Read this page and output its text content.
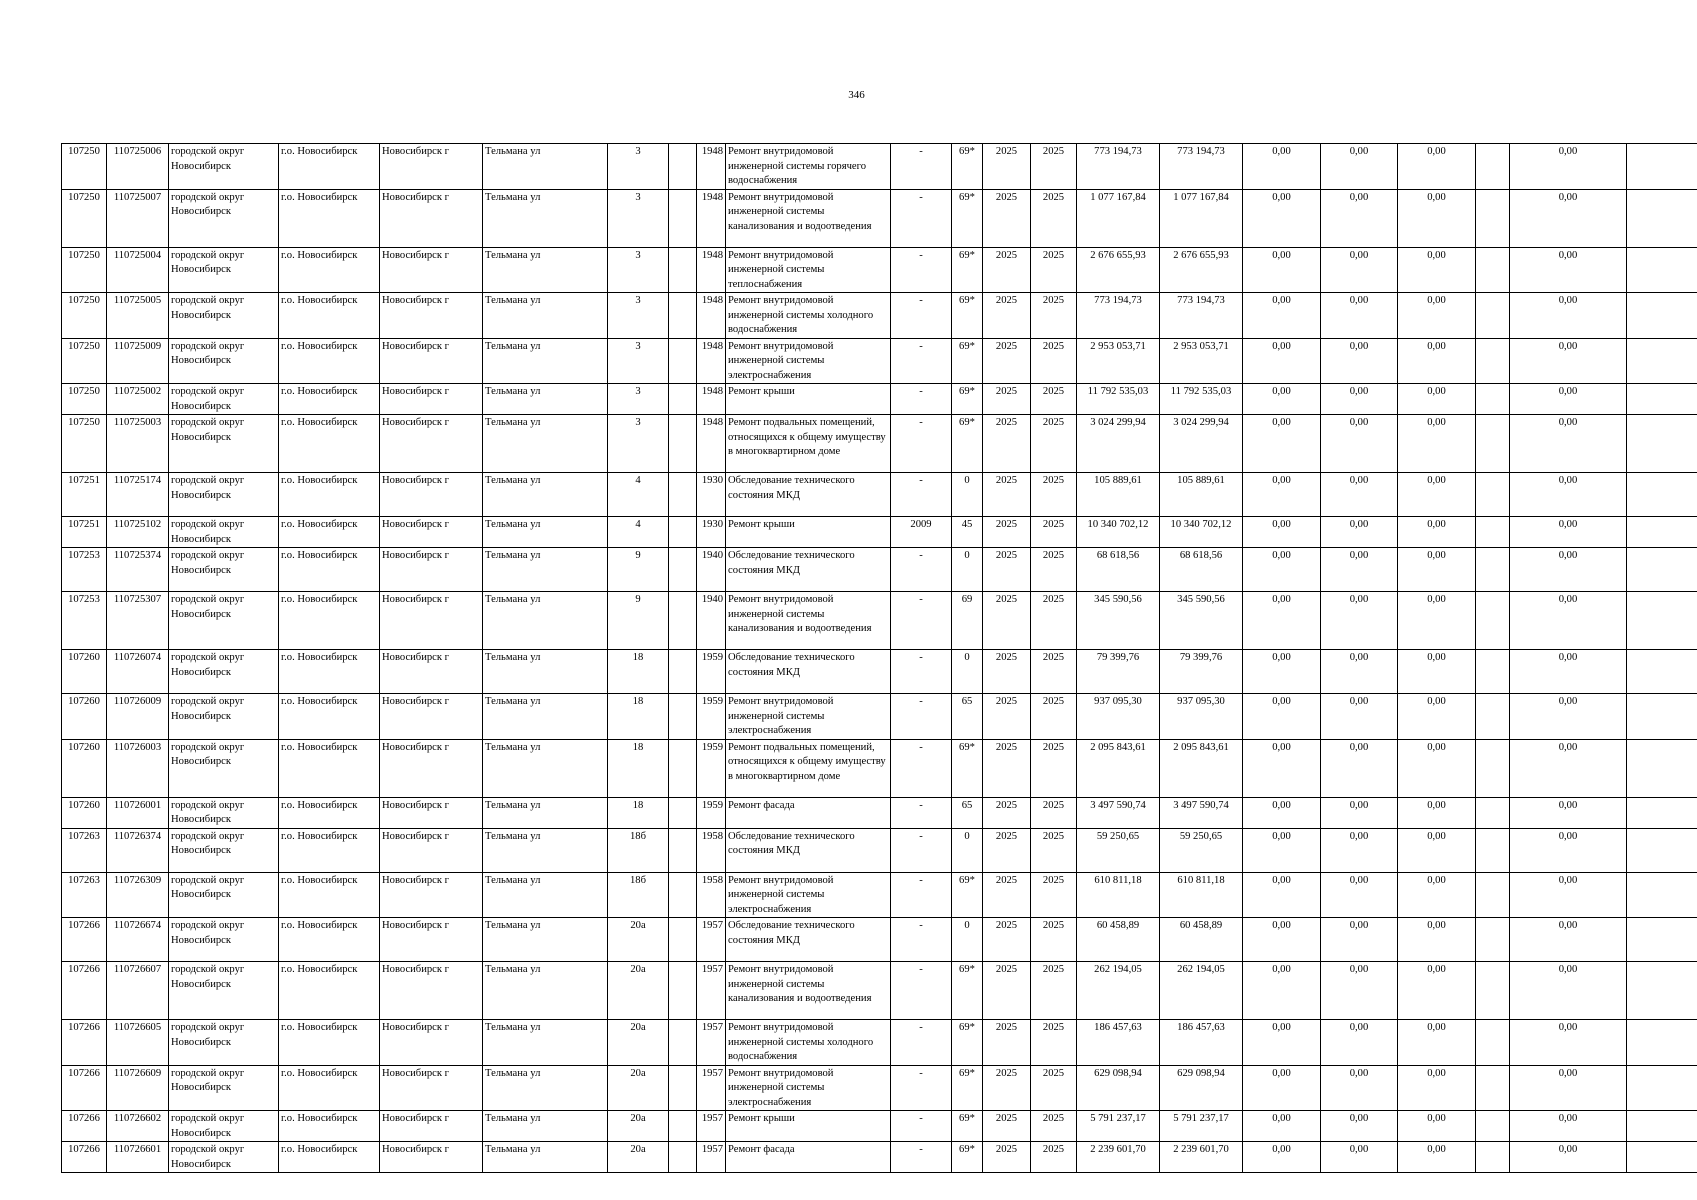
346
107250	110725006	городской округ Новосибирск	г.о. Новосибирск	Новосибирск г	Тельмана ул	3		1948	Ремонт внутридомовой инженерной системы горячего водоснабжения	-	69*	2025	2025	773 194,73	773 194,73	0,00	0,00	0,00		0,00	
107250	110725007	городской округ Новосибирск	г.о. Новосибирск	Новосибирск г	Тельмана ул	3		1948	Ремонт внутридомовой инженерной системы канализования и водоотведения	-	69*	2025	2025	1 077 167,84	1 077 167,84	0,00	0,00	0,00		0,00	
107250	110725004	городской округ Новосибирск	г.о. Новосибирск	Новосибирск г	Тельмана ул	3		1948	Ремонт внутридомовой инженерной системы теплоснабжения	-	69*	2025	2025	2 676 655,93	2 676 655,93	0,00	0,00	0,00		0,00	
107250	110725005	городской округ Новосибирск	г.о. Новосибирск	Новосибирск г	Тельмана ул	3		1948	Ремонт внутридомовой инженерной системы холодного водоснабжения	-	69*	2025	2025	773 194,73	773 194,73	0,00	0,00	0,00		0,00	
107250	110725009	городской округ Новосибирск	г.о. Новосибирск	Новосибирск г	Тельмана ул	3		1948	Ремонт внутридомовой инженерной системы электроснабжения	-	69*	2025	2025	2 953 053,71	2 953 053,71	0,00	0,00	0,00		0,00	
107250	110725002	городской округ Новосибирск	г.о. Новосибирск	Новосибирск г	Тельмана ул	3		1948	Ремонт крыши	-	69*	2025	2025	11 792 535,03	11 792 535,03	0,00	0,00	0,00		0,00	
107250	110725003	городской округ Новосибирск	г.о. Новосибирск	Новосибирск г	Тельмана ул	3		1948	Ремонт подвальных помещений, относящихся к общему имуществу в многоквартирном доме	-	69*	2025	2025	3 024 299,94	3 024 299,94	0,00	0,00	0,00		0,00	
107251	110725174	городской округ Новосибирск	г.о. Новосибирск	Новосибирск г	Тельмана ул	4		1930	Обследование технического состояния МКД	-	0	2025	2025	105 889,61	105 889,61	0,00	0,00	0,00		0,00	
107251	110725102	городской округ Новосибирск	г.о. Новосибирск	Новосибирск г	Тельмана ул	4		1930	Ремонт крыши	2009	45	2025	2025	10 340 702,12	10 340 702,12	0,00	0,00	0,00		0,00	
107253	110725374	городской округ Новосибирск	г.о. Новосибирск	Новосибирск г	Тельмана ул	9		1940	Обследование технического состояния МКД	-	0	2025	2025	68 618,56	68 618,56	0,00	0,00	0,00		0,00	
107253	110725307	городской округ Новосибирск	г.о. Новосибирск	Новосибирск г	Тельмана ул	9		1940	Ремонт внутридомовой инженерной системы канализования и водоотведения	-	69	2025	2025	345 590,56	345 590,56	0,00	0,00	0,00		0,00	
107260	110726074	городской округ Новосибирск	г.о. Новосибирск	Новосибирск г	Тельмана ул	18		1959	Обследование технического состояния МКД	-	0	2025	2025	79 399,76	79 399,76	0,00	0,00	0,00		0,00	
107260	110726009	городской округ Новосибирск	г.о. Новосибирск	Новосибирск г	Тельмана ул	18		1959	Ремонт внутридомовой инженерной системы электроснабжения	-	65	2025	2025	937 095,30	937 095,30	0,00	0,00	0,00		0,00	
107260	110726003	городской округ Новосибирск	г.о. Новосибирск	Новосибирск г	Тельмана ул	18		1959	Ремонт подвальных помещений, относящихся к общему имуществу в многоквартирном доме	-	69*	2025	2025	2 095 843,61	2 095 843,61	0,00	0,00	0,00		0,00	
107260	110726001	городской округ Новосибирск	г.о. Новосибирск	Новосибирск г	Тельмана ул	18		1959	Ремонт фасада	-	65	2025	2025	3 497 590,74	3 497 590,74	0,00	0,00	0,00		0,00	
107263	110726374	городской округ Новосибирск	г.о. Новосибирск	Новосибирск г	Тельмана ул	18б		1958	Обследование технического состояния МКД	-	0	2025	2025	59 250,65	59 250,65	0,00	0,00	0,00		0,00	
107263	110726309	городской округ Новосибирск	г.о. Новосибирск	Новосибирск г	Тельмана ул	18б		1958	Ремонт внутридомовой инженерной системы электроснабжения	-	69*	2025	2025	610 811,18	610 811,18	0,00	0,00	0,00		0,00	
107266	110726674	городской округ Новосибирск	г.о. Новосибирск	Новосибирск г	Тельмана ул	20а		1957	Обследование технического состояния МКД	-	0	2025	2025	60 458,89	60 458,89	0,00	0,00	0,00		0,00	
107266	110726607	городской округ Новосибирск	г.о. Новосибирск	Новосибирск г	Тельмана ул	20а		1957	Ремонт внутридомовой инженерной системы канализования и водоотведения	-	69*	2025	2025	262 194,05	262 194,05	0,00	0,00	0,00		0,00	
107266	110726605	городской округ Новосибирск	г.о. Новосибирск	Новосибирск г	Тельмана ул	20а		1957	Ремонт внутридомовой инженерной системы холодного водоснабжения	-	69*	2025	2025	186 457,63	186 457,63	0,00	0,00	0,00		0,00	
107266	110726609	городской округ Новосибирск	г.о. Новосибирск	Новосибирск г	Тельмана ул	20а		1957	Ремонт внутридомовой инженерной системы электроснабжения	-	69*	2025	2025	629 098,94	629 098,94	0,00	0,00	0,00		0,00	
107266	110726602	городской округ Новосибирск	г.о. Новосибирск	Новосибирск г	Тельмана ул	20а		1957	Ремонт крыши	-	69*	2025	2025	5 791 237,17	5 791 237,17	0,00	0,00	0,00		0,00	
107266	110726601	городской округ Новосибирск	г.о. Новосибирск	Новосибирск г	Тельмана ул	20а		1957	Ремонт фасада	-	69*	2025	2025	2 239 601,70	2 239 601,70	0,00	0,00	0,00		0,00	
